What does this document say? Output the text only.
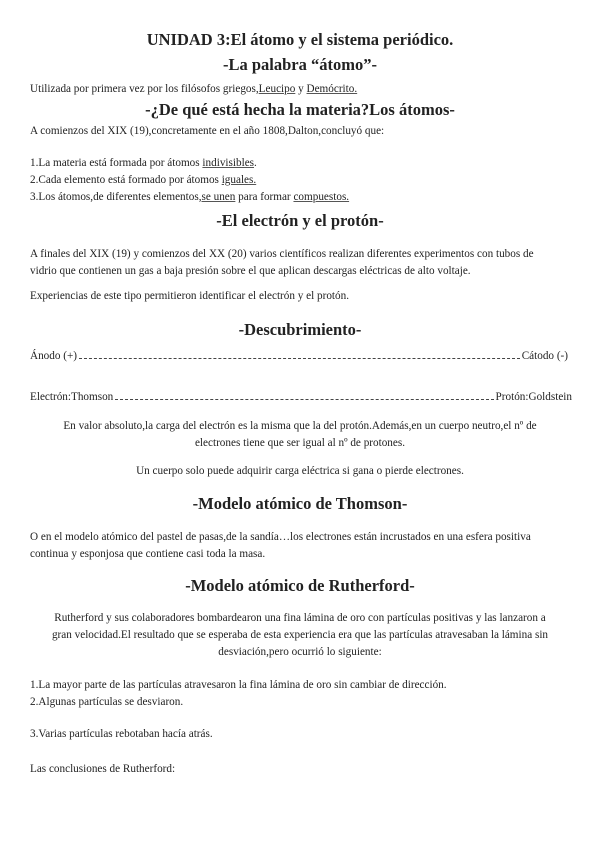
UNIDAD 3:El átomo y el sistema periódico.
-La palabra “átomo”-
Utilizada por primera vez por los filósofos griegos,Leucipo y Demócrito.
-¿De qué está hecha la materia?Los átomos-
A comienzos del XIX (19),concretamente en el año 1808,Dalton,concluyó que:
1.La materia está formada por átomos indivisibles.
2.Cada elemento está formado por átomos iguales.
3.Los átomos,de diferentes elementos,se unen para formar compuestos.
-El electrón y el protón-
A finales del XIX (19) y comienzos del XX (20) varios científicos realizan diferentes experimentos con tubos de
vidrio que contienen un gas a baja presión sobre el que aplican descargas eléctricas de alto voltaje.
Experiencias de este tipo permitieron identificar el electrón y el protón.
-Descubrimiento-
Ánodo (+)	Cátodo (-)
Electrón:Thomson	Protón:Goldstein
En valor absoluto,la carga del electrón es la misma que la del protón.Además,en un cuerpo neutro,el nº de
electrones tiene que ser igual al nº de protones.
Un cuerpo solo puede adquirir carga eléctrica si gana o pierde electrones.
-Modelo atómico de Thomson-
O en el modelo atómico del pastel de pasas,de la sandía…los electrones están incrustados en una esfera positiva
continua y esponjosa que contiene casi toda la masa.
-Modelo atómico de Rutherford-
Rutherford y sus colaboradores bombardearon una fina lámina de oro con partículas positivas y las lanzaron a
gran velocidad.El resultado que se esperaba de esta experiencia era que las partículas atravesaban la lámina sin
desviación,pero ocurrió lo siguiente:
1.La mayor parte de las partículas atravesaron la fina lámina de oro sin cambiar de dirección.
2.Algunas partículas se desviaron.
3.Varias partículas rebotaban hacía atrás.
Las conclusiones de Rutherford:
